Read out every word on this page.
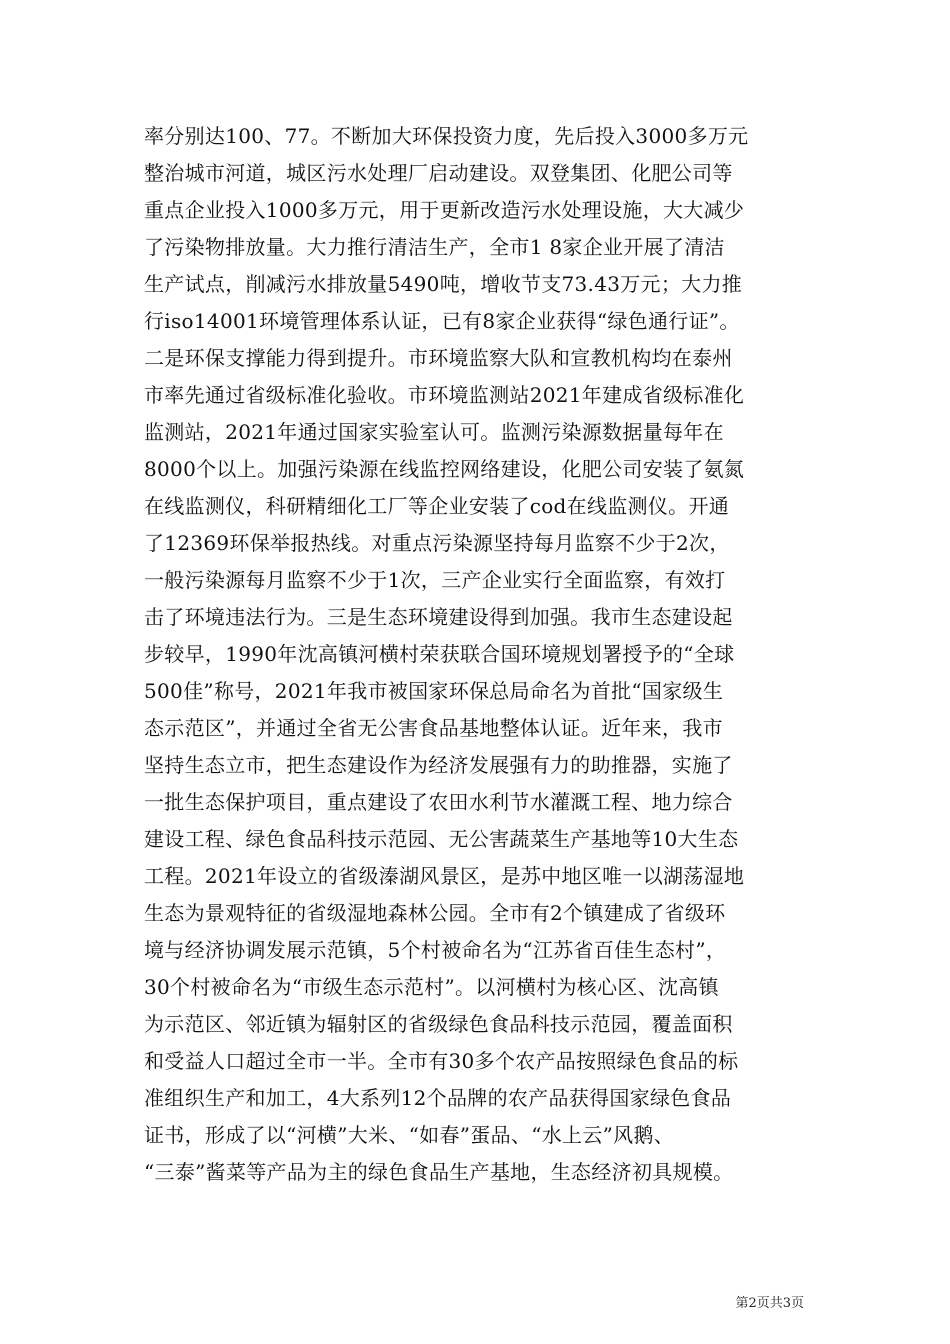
率分别达100、77。不断加大环保投资力度，先后投入3000多万元
整治城市河道，城区污水处理厂启动建设。双登集团、化肥公司等
重点企业投入1000多万元，用于更新改造污水处理设施，大大减少
了污染物排放量。大力推行清洁生产，全市1 8家企业开展了清洁
生产试点，削减污水排放量5490吨，增收节支73.43万元；大力推
行iso14001环境管理体系认证，已有8家企业获得“绿色通行证”。
二是环保支撑能力得到提升。市环境监察大队和宣教机构均在泰州
市率先通过省级标准化验收。市环境监测站2021年建成省级标准化
监测站，2021年通过国家实验室认可。监测污染源数据量每年在
8000个以上。加强污染源在线监控网络建设，化肥公司安装了氨氮
在线监测仪，科研精细化工厂等企业安装了cod在线监测仪。开通
了12369环保举报热线。对重点污染源坚持每月监察不少于2次，
一般污染源每月监察不少于1次，三产企业实行全面监察，有效打
击了环境违法行为。三是生态环境建设得到加强。我市生态建设起
步较早，1990年沈高镇河横村荣获联合国环境规划署授予的“全球
500佳”称号，2021年我市被国家环保总局命名为首批“国家级生
态示范区”，并通过全省无公害食品基地整体认证。近年来，我市
坚持生态立市，把生态建设作为经济发展强有力的助推器，实施了
一批生态保护项目，重点建设了农田水利节水灌溉工程、地力综合
建设工程、绿色食品科技示范园、无公害蔬菜生产基地等10大生态
工程。2021年设立的省级溱湖风景区，是苏中地区唯一以湖荡湿地
生态为景观特征的省级湿地森林公园。全市有2个镇建成了省级环
境与经济协调发展示范镇，5个村被命名为“江苏省百佳生态村”，
30个村被命名为“市级生态示范村”。以河横村为核心区、沈高镇
为示范区、邻近镇为辐射区的省级绿色食品科技示范园，覆盖面积
和受益人口超过全市一半。全市有30多个农产品按照绿色食品的标
准组织生产和加工，4大系列12个品牌的农产品获得国家绿色食品
证书，形成了以“河横”大米、“如春”蛋品、“水上云”风鹅、
“三泰”酱菜等产品为主的绿色食品生产基地，生态经济初具规模。
第2页共3页
